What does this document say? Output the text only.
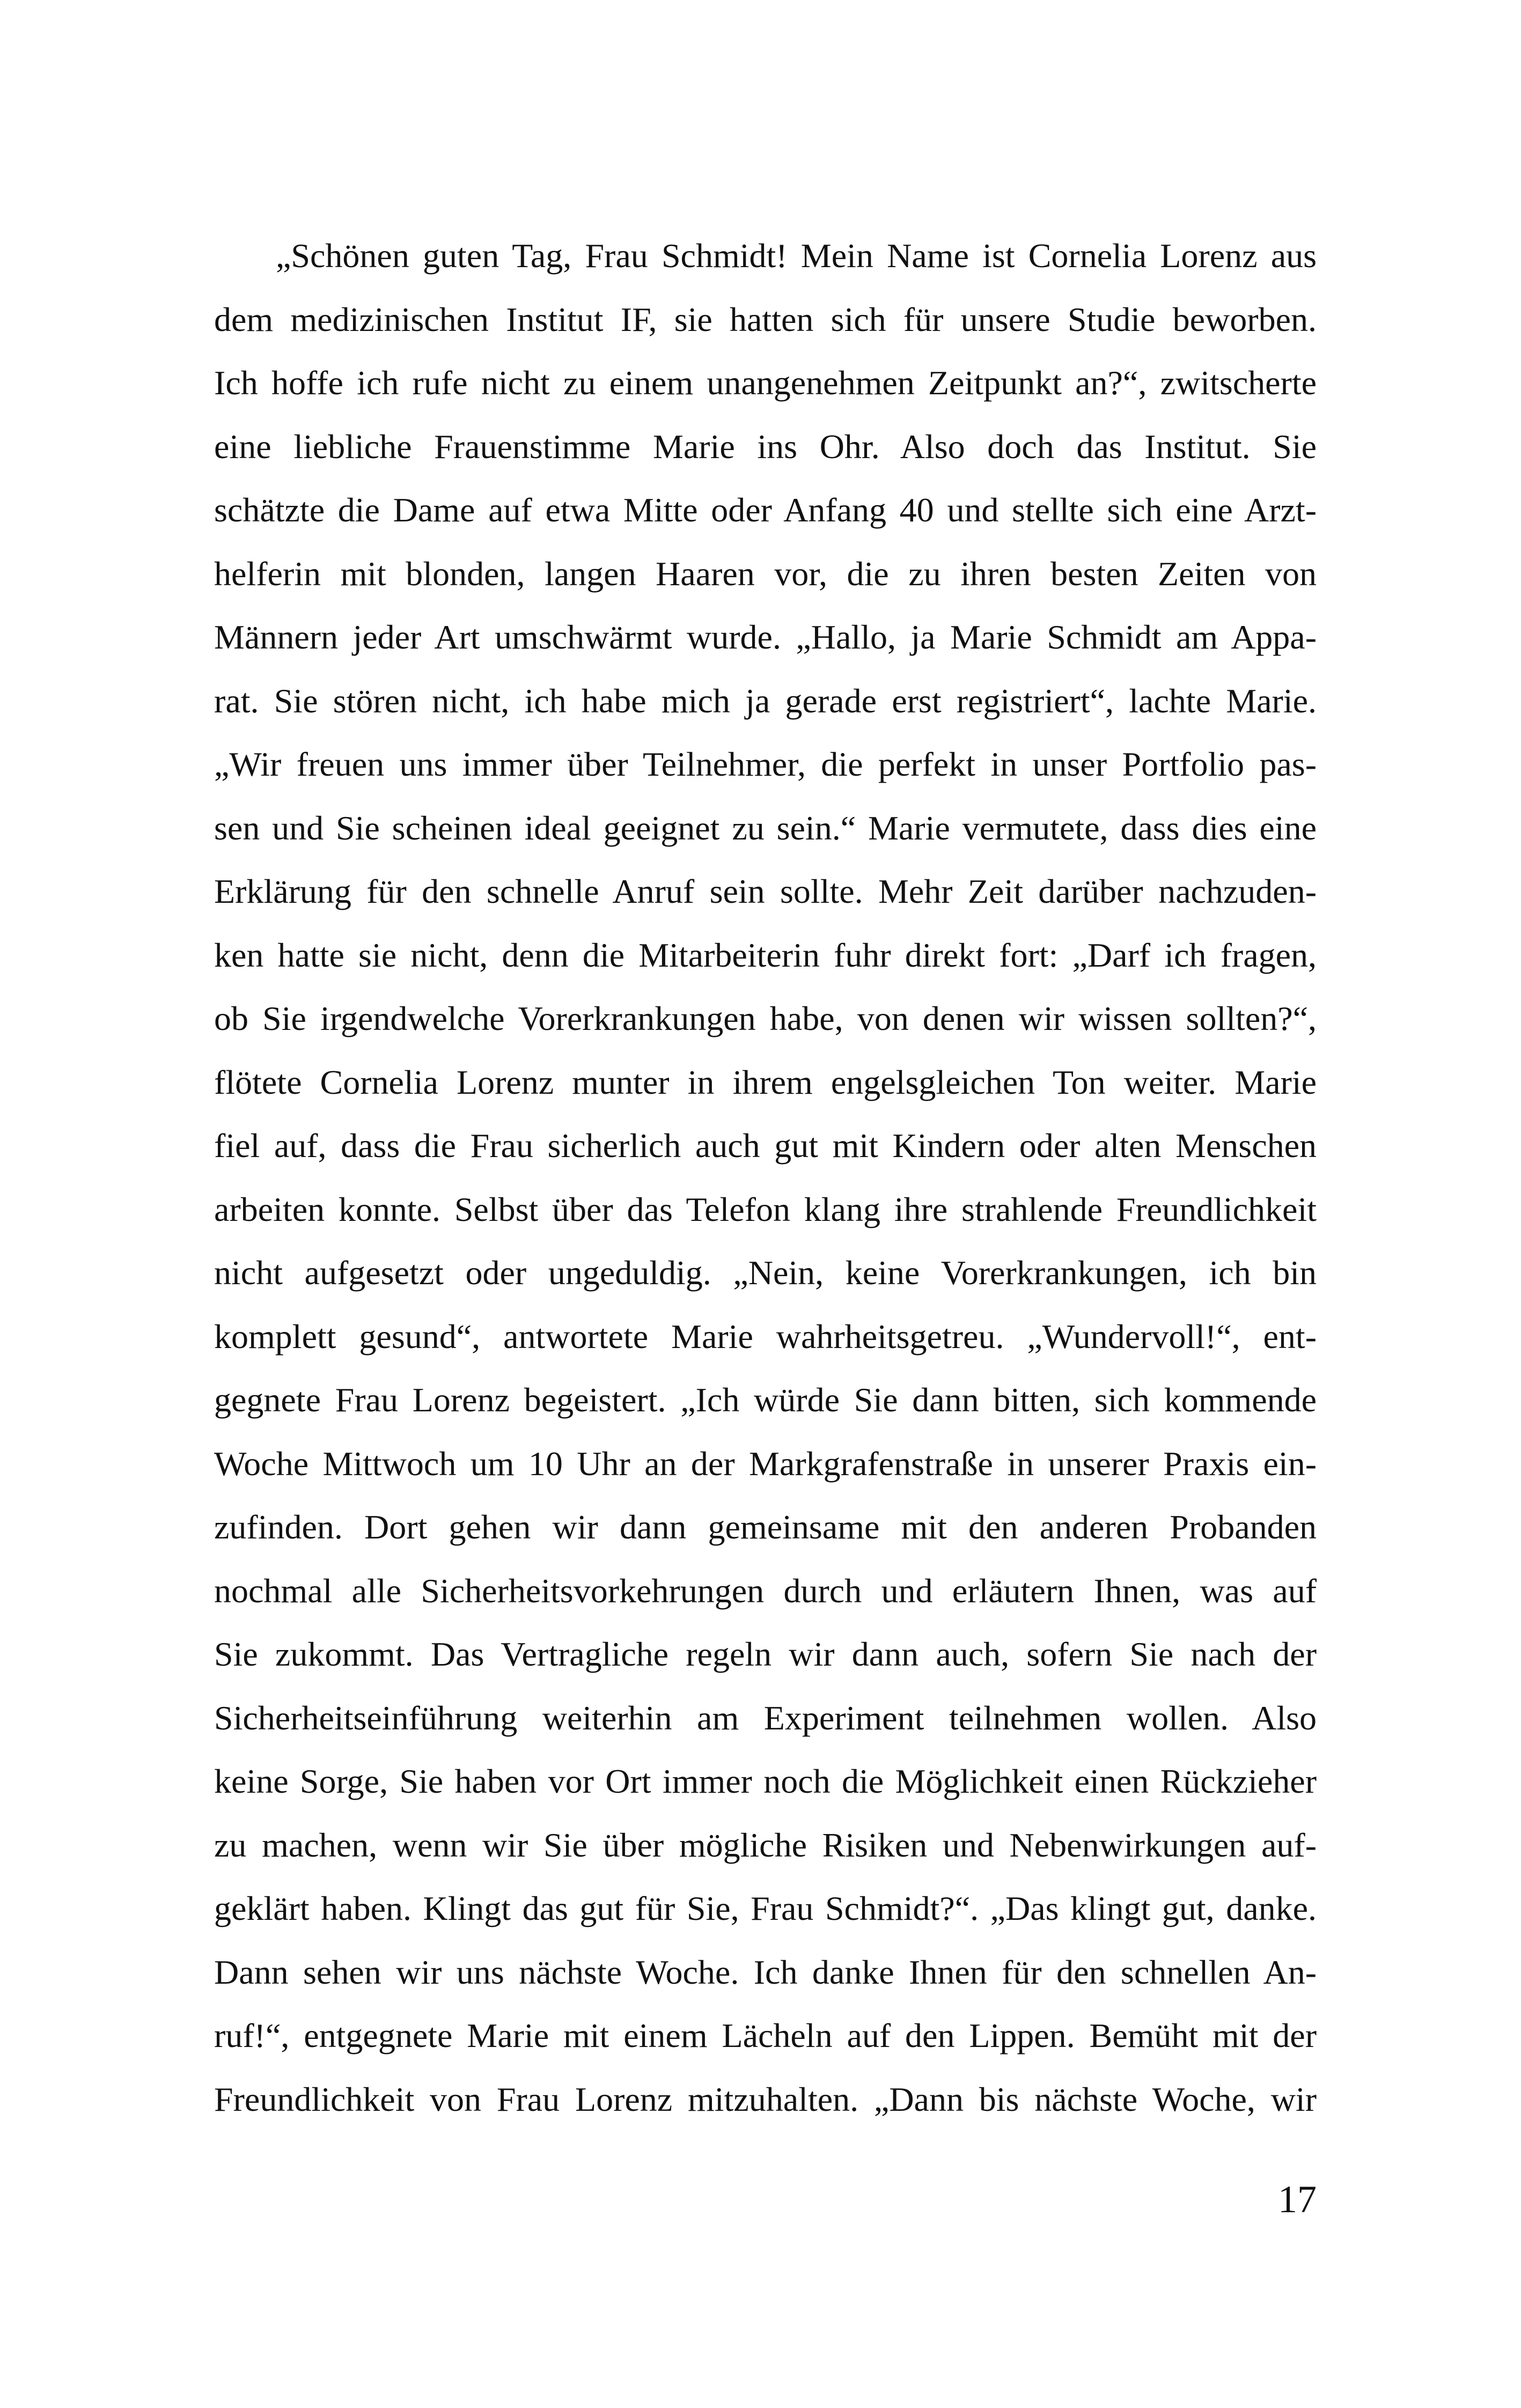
„Schönen guten Tag, Frau Schmidt! Mein Name ist Cornelia Lorenz aus
dem medizinischen Institut IF, sie hatten sich für unsere Studie beworben.
Ich hoffe ich rufe nicht zu einem unangenehmen Zeitpunkt an?“, zwitscherte
eine liebliche Frauenstimme Marie ins Ohr. Also doch das Institut. Sie
schätzte die Dame auf etwa Mitte oder Anfang 40 und stellte sich eine Arzt-
helferin mit blonden, langen Haaren vor, die zu ihren besten Zeiten von
Männern jeder Art umschwärmt wurde. „Hallo, ja Marie Schmidt am Appa-
rat. Sie stören nicht, ich habe mich ja gerade erst registriert“, lachte Marie.
„Wir freuen uns immer über Teilnehmer, die perfekt in unser Portfolio pas-
sen und Sie scheinen ideal geeignet zu sein.“ Marie vermutete, dass dies eine
Erklärung für den schnelle Anruf sein sollte. Mehr Zeit darüber nachzuden-
ken hatte sie nicht, denn die Mitarbeiterin fuhr direkt fort: „Darf ich fragen,
ob Sie irgendwelche Vorerkrankungen habe, von denen wir wissen sollten?“,
flötete Cornelia Lorenz munter in ihrem engelsgleichen Ton weiter. Marie
fiel auf, dass die Frau sicherlich auch gut mit Kindern oder alten Menschen
arbeiten konnte. Selbst über das Telefon klang ihre strahlende Freundlichkeit
nicht aufgesetzt oder ungeduldig. „Nein, keine Vorerkrankungen, ich bin
komplett gesund“, antwortete Marie wahrheitsgetreu. „Wundervoll!“, ent-
gegnete Frau Lorenz begeistert. „Ich würde Sie dann bitten, sich kommende
Woche Mittwoch um 10 Uhr an der Markgrafenstraße in unserer Praxis ein-
zufinden. Dort gehen wir dann gemeinsame mit den anderen Probanden
nochmal alle Sicherheitsvorkehrungen durch und erläutern Ihnen, was auf
Sie zukommt. Das Vertragliche regeln wir dann auch, sofern Sie nach der
Sicherheitseinführung weiterhin am Experiment teilnehmen wollen. Also
keine Sorge, Sie haben vor Ort immer noch die Möglichkeit einen Rückzieher
zu machen, wenn wir Sie über mögliche Risiken und Nebenwirkungen auf-
geklärt haben. Klingt das gut für Sie, Frau Schmidt?“. „Das klingt gut, danke.
Dann sehen wir uns nächste Woche. Ich danke Ihnen für den schnellen An-
ruf!“, entgegnete Marie mit einem Lächeln auf den Lippen. Bemüht mit der
Freundlichkeit von Frau Lorenz mitzuhalten. „Dann bis nächste Woche, wir
17
